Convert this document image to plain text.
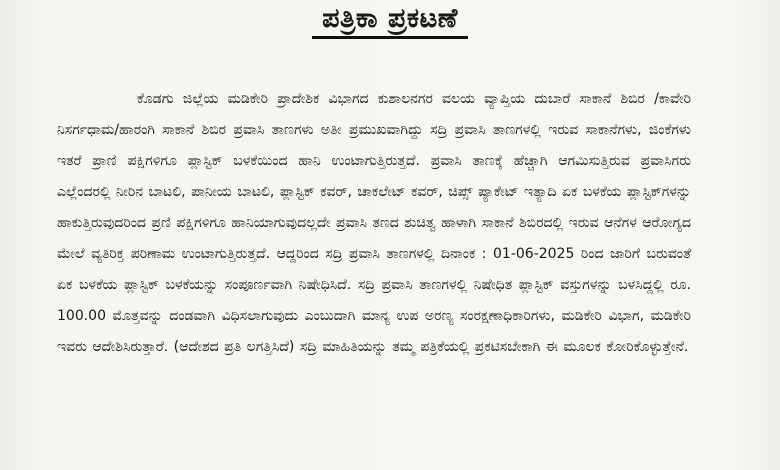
ಪತ್ರಿಕಾ ಪ್ರಕಟಣೆ

ಕೊಡಗು ಜಿಲ್ಲೆಯ ಮಡಿಕೇರಿ ಪ್ರಾದೇಶಿಕ ವಿಭಾಗದ ಕುಶಾಲನಗರ ವಲಯ ವ್ಯಾಪ್ತಿಯ ದುಬಾರೆ ಸಾಕಾನೆ ಶಿಬಿರ /ಕಾವೇರಿ ನಿಸರ್ಗಧಾಮ/ಹಾರಂಗಿ ಸಾಕಾನೆ ಶಿಬಿರ ಪ್ರವಾಸಿ ತಾಣಗಳು ಅತೀ ಪ್ರಮುಖವಾಗಿದ್ದು ಸದ್ರಿ ಪ್ರವಾಸಿ ತಾಣಗಳಲ್ಲಿ ಇರುವ ಸಾಕಾನೆಗಳು, ಜಿಂಕೆಗಳು ಇತರೆ ಪ್ರಾಣಿ ಪಕ್ಷಿಗಳಿಗೂ ಪ್ಲಾಸ್ಟಿಕ್ ಬಳಕೆಯಿಂದ ಹಾನಿ ಉಂಟಾಗುತ್ತಿರುತ್ತದೆ. ಪ್ರವಾಸಿ ತಾಣಕ್ಕೆ ಹೆಚ್ಚಾಗಿ ಆಗಮಿಸುತ್ತಿರುವ ಪ್ರವಾಸಿಗರು ಎಲ್ಲೆಂದರಲ್ಲಿ ನೀರಿನ ಬಾಟಲಿ, ಪಾನೀಯ ಬಾಟಲಿ, ಪ್ಲಾಸ್ಟಿಕ್ ಕವರ್, ಚಾಕಲೇಟ್ ಕವರ್, ಚಿಪ್ಸ್ ಪ್ಯಾಕೇಟ್ ಇತ್ಯಾದಿ ಏಕ ಬಳಕೆಯ ಪ್ಲಾಸ್ಟಿಕ್‌ಗಳನ್ನು ಹಾಕುತ್ತಿರುವುದರಿಂದ ಪ್ರಣಿ ಪಕ್ಷಿಗಳಿಗೂ ಹಾನಿಯಾಗುವುದಲ್ಲದೇ ಪ್ರವಾಸಿ ತಣದ ಶುಚಿತ್ವ ಹಾಳಾಗಿ ಸಾಕಾನೆ ಶಿಬಿರದಲ್ಲಿ ಇರುವ ಆನೆಗಳ ಆರೋಗ್ಯದ ಮೇಲೆ ವ್ಯತಿರಿಕ್ತ ಪರಿಣಾಮ ಉಂಟಾಗುತ್ತಿರುತ್ತದೆ. ಆದ್ದರಿಂದ ಸದ್ರಿ ಪ್ರವಾಸಿ ತಾಣಗಳಲ್ಲಿ ದಿನಾಂಕ : 01-06-2025 ರಿಂದ ಜಾರಿಗೆ ಬರುವಂತೆ ಏಕ ಬಳಕೆಯ ಪ್ಲಾಸ್ಟಿಕ್ ಬಳಕೆಯನ್ನು ಸಂಪೂರ್ಣವಾಗಿ ನಿಷೇಧಿಸಿದೆ. ಸದ್ರಿ ಪ್ರವಾಸಿ ತಾಣಗಳಲ್ಲಿ ನಿಷೇಧಿತ ಪ್ಲಾಸ್ಟಿಕ್ ವಸ್ತುಗಳನ್ನು ಬಳಸಿದ್ದಲ್ಲಿ ರೂ. 100.00 ಮೊತ್ತವನ್ನು ದಂಡವಾಗಿ ವಿಧಿಸಲಾಗುವುದು ಎಂಬುದಾಗಿ ಮಾನ್ಯ ಉಪ ಅರಣ್ಯ ಸಂರಕ್ಷಣಾಧಿಕಾರಿಗಳು, ಮಡಿಕೇರಿ ವಿಭಾಗ, ಮಡಿಕೇರಿ ಇವರು ಆದೇಶಿಸಿರುತ್ತಾರೆ. (ಆದೇಶದ ಪ್ರತಿ ಲಗತ್ತಿಸಿದೆ) ಸದ್ರಿ ಮಾಹಿತಿಯನ್ನು ತಮ್ಮ ಪತ್ರಿಕೆಯಲ್ಲಿ ಪ್ರಕಟಿಸಬೇಕಾಗಿ ಈ ಮೂಲಕ ಕೋರಿಕೊಳ್ಳುತ್ತೇನೆ.
